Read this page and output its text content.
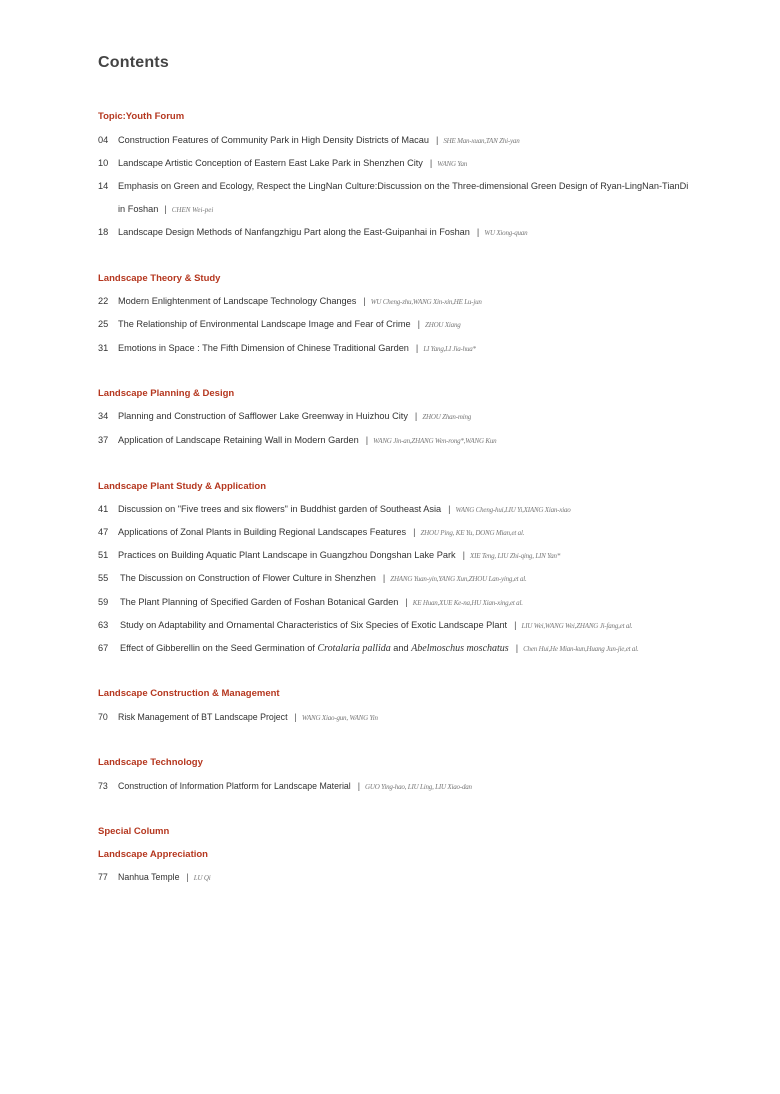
Contents
Topic:Youth Forum
04 Construction Features of Community Park in High Density Districts of Macau | SHE Man-xuan,TAN Zhi-yan
10 Landscape Artistic Conception of Eastern East Lake Park in Shenzhen City | WANG Yan
14 Emphasis on Green and Ecology, Respect the LingNan Culture:Discussion on the Three-dimensional Green Design of Ryan-LingNan-TianDi
in Foshan | CHEN Wei-pei
18 Landscape Design Methods of Nanfangzhigu Part along the East-Guipanhai in Foshan | WU Xiong-quan
Landscape Theory & Study
22 Modern Enlightenment of Landscape Technology Changes | WU Cheng-zhu,WANG Xin-xin,HE Lu-jun
25 The Relationship of Environmental Landscape Image and Fear of Crime | ZHOU Xiang
31 Emotions in Space : The Fifth Dimension of Chinese Traditional Garden | LI Yang,LI Jia-hua*
Landscape Planning & Design
34 Planning and Construction of Safflower Lake Greenway in Huizhou City | ZHOU Zhan-ming
37 Application of Landscape Retaining Wall in Modern Garden | WANG Jin-an,ZHANG Wen-rong*,WANG Kun
Landscape Plant Study & Application
41 Discussion on "Five trees and six flowers" in Buddhist garden of Southeast Asia | WANG Cheng-hui,LIU Yi,XIANG Xian-xiao
47 Applications of Zonal Plants in Building Regional Landscapes Features | ZHOU Ping, KE Yu, DONG Mian,et al.
51 Practices on Building Aquatic Plant Landscape in Guangzhou Dongshan Lake Park | XIE Teng, LIU Zhi-qing, LIN Yan*
55 The Discussion on Construction of Flower Culture in Shenzhen | ZHANG Yuan-yin,YANG Xun,ZHOU Lan-ying,et al.
59 The Plant Planning of Specified Garden of Foshan Botanical Garden | KE Huan,XUE Ke-na,HU Xian-xing,et al.
63 Study on Adaptability and Ornamental Characteristics of Six Species of Exotic Landscape Plant | LIU Wei,WANG Wei,ZHANG Ji-fang,et al.
67 Effect of Gibberellin on the Seed Germination of Crotalaria pallida and Abelmoschus moschatus | Chen Hui,He Mian-kun,Huang Jun-jie,et al.
Landscape Construction & Management
70 Risk Management of BT Landscape Project | WANG Xiao-gun, WANG Yin
Landscape Technology
73 Construction of Information Platform for Landscape Material | GUO Ying-hao, LIU Ling, LIU Xiao-dan
Special Column
Landscape Appreciation
77 Nanhua Temple | LU Qi
